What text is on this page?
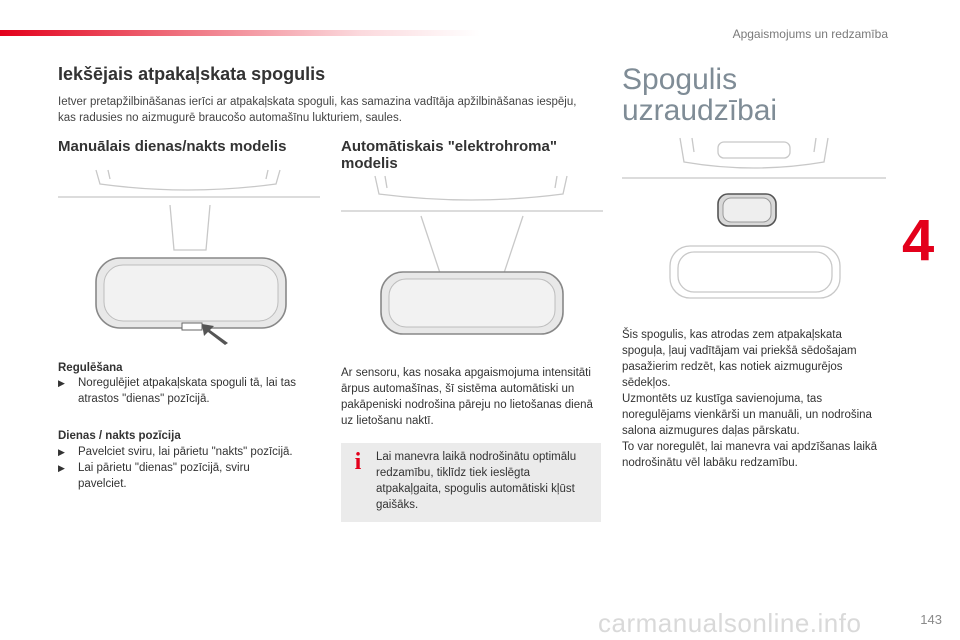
Apgaismojums un redzamība
Iekšējais atpakaļskata spogulis
Ietver pretapžilbināšanas ierīci ar atpakaļskata spoguli, kas samazina vadītāja apžilbināšanas iespēju, kas radusies no aizmugurē braucošo automašīnu lukturiem, saules.
Manuālais dienas/nakts modelis
Regulēšana
▶	Noregulējiet atpakaļskata spoguli tā, lai tas atrastos "dienas" pozīcijā.
Dienas / nakts pozīcija
▶	Pavelciet sviru, lai pārietu "nakts" pozīcijā.
▶	Lai pārietu "dienas" pozīcijā, sviru pavelciet.
Automātiskais "elektrohroma" modelis
Ar sensoru, kas nosaka apgaismojuma intensitāti ārpus automašīnas, šī sistēma automātiski un pakāpeniski nodrošina pāreju no lietošanas dienā uz lietošanu naktī.
i	Lai manevra laikā nodrošinātu optimālu redzamību, tiklīdz tiek ieslēgta atpakaļgaita, spogulis automātiski kļūst gaišāks.
Spogulis
uzraudzībai
Šis spogulis, kas atrodas zem atpakaļskata spoguļa, ļauj vadītājam vai priekšā sēdošajam pasažierim redzēt, kas notiek aizmugurējos sēdekļos.
Uzmontēts uz kustīga savienojuma, tas noregulējams vienkārši un manuāli, un nodrošina salona aizmugures daļas pārskatu.
To var noregulēt, lai manevra vai apdzīšanas laikā nodrošinātu vēl labāku redzamību.
4
carmanualsonline.info	143
